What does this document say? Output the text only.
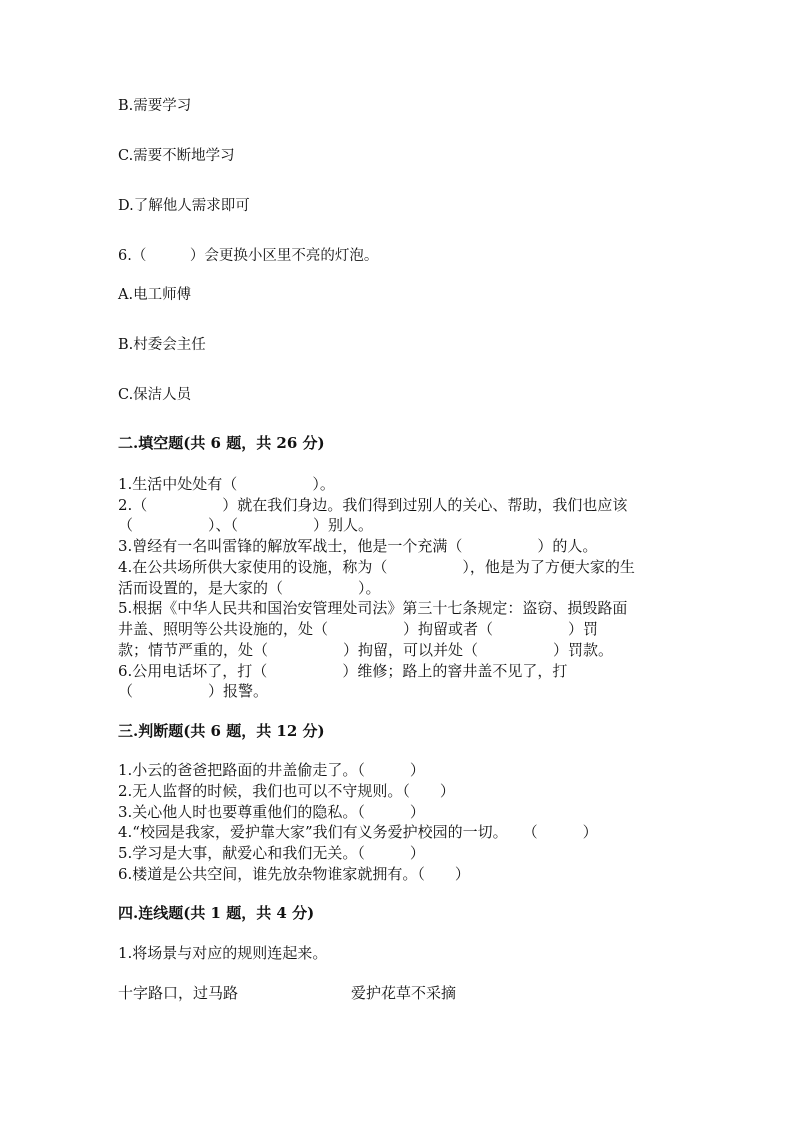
B.需要学习
C.需要不断地学习
D.了解他人需求即可
6.（　　　）会更换小区里不亮的灯泡。
A.电工师傅
B.村委会主任
C.保洁人员
二.填空题(共 6 题，共 26 分)
1.生活中处处有（　　　　　）。
2.（　　　　　）就在我们身边。我们得到过别人的关心、帮助，我们也应该
（　　　　　）、（　　　　　）别人。
3.曾经有一名叫雷锋的解放军战士，他是一个充满（　　　　　）的人。
4.在公共场所供大家使用的设施，称为（　　　　　），他是为了方便大家的生
活而设置的，是大家的（　　　　　）。
5.根据《中华人民共和国治安管理处司法》第三十七条规定：盗窃、损毁路面
井盖、照明等公共设施的，处（　　　　　）拘留或者（　　　　　）罚
款；情节严重的，处（　　　　　）拘留，可以并处（　　　　　）罚款。
6.公用电话坏了，打（　　　　　）维修；路上的窨井盖不见了，打
（　　　　　）报警。
三.判断题(共 6 题，共 12 分)
1.小云的爸爸把路面的井盖偷走了。（　　　）
2.无人监督的时候，我们也可以不守规则。（　　）
3.关心他人时也要尊重他们的隐私。（　　　）
4.“校园是我家，爱护靠大家”我们有义务爱护校园的一切。　　（　　　）
5.学习是大事，献爱心和我们无关。（　　　）
6.楼道是公共空间，谁先放杂物谁家就拥有。（　　）
四.连线题(共 1 题，共 4 分)
1.将场景与对应的规则连起来。
十字路口，过马路	爱护花草不采摘
